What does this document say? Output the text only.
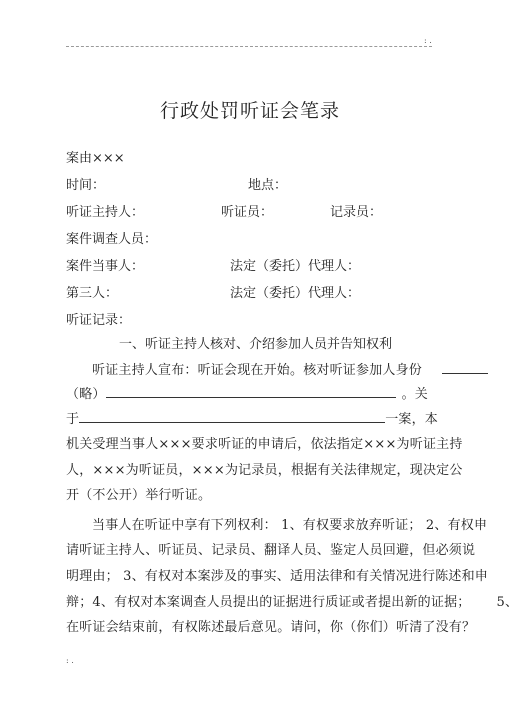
: .
行政处罚听证会笔录
案由×××
时间：	地点：
听证主持人：	听证员：	记录员：
案件调查人员：
案件当事人：	法定（委托）代理人：
第三人：	法定（委托）代理人：
听证记录：
一、听证主持人核对、介绍参加人员并告知权利
听证主持人宣布：听证会现在开始。核对听证参加人身份
（略）	。关
于	一案，本
机关受理当事人×××要求听证的申请后，依法指定×××为听证主持
人，×××为听证员，×××为记录员，根据有关法律规定，现决定公
开（不公开）举行听证。
当事人在听证中享有下列权利： 1、有权要求放弃听证； 2、有权申
请听证主持人、听证员、记录员、翻译人员、鉴定人员回避，但必须说
明理由； 3、有权对本案涉及的事实、适用法律和有关情况进行陈述和申
辩；4、有权对本案调查人员提出的证据进行质证或者提出新的证据； 5、
在听证会结束前，有权陈述最后意见。请问，你（你们）听清了没有？
: .
